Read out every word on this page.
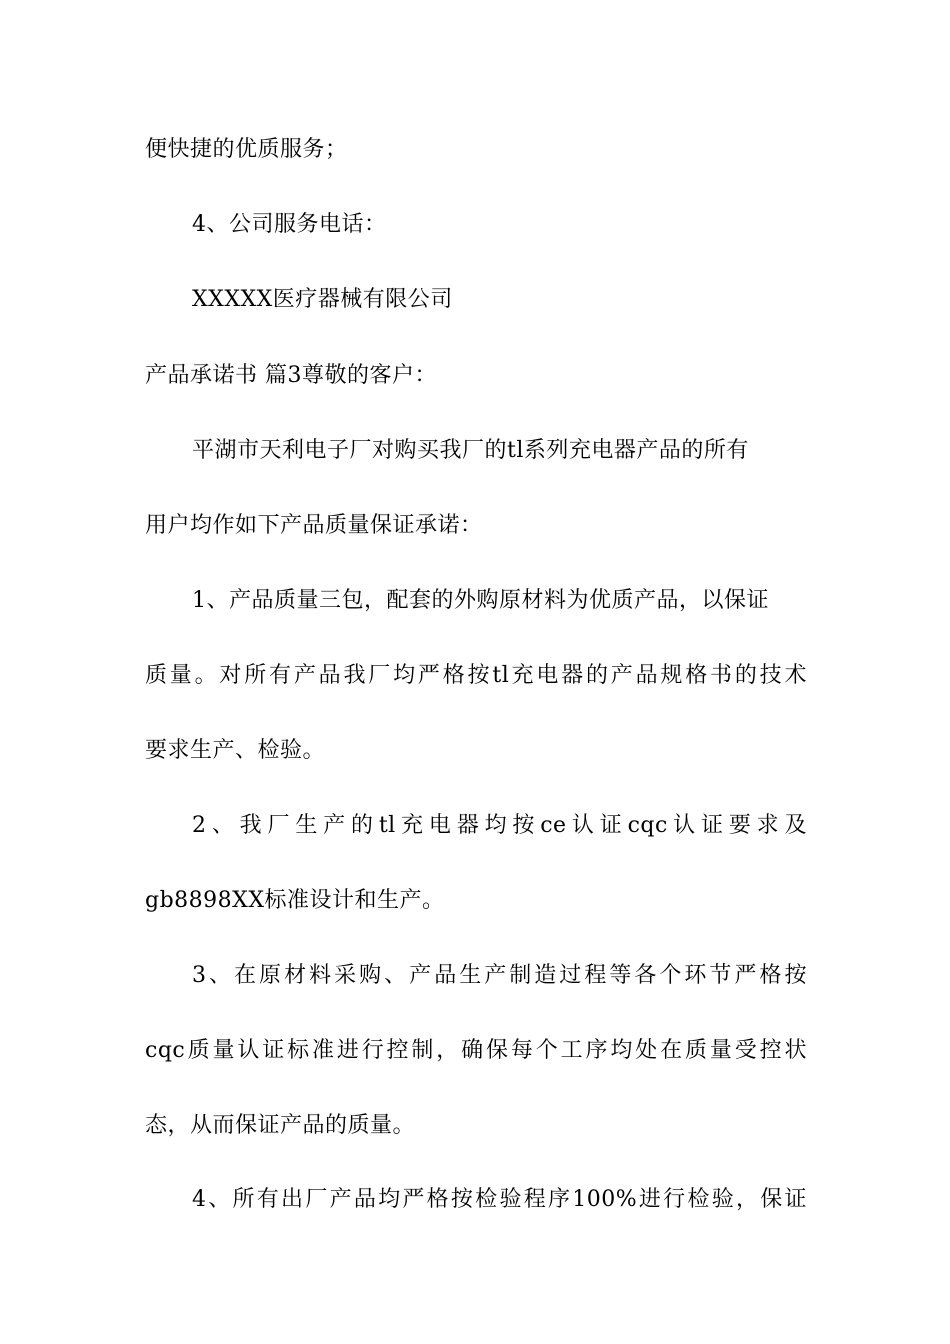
便快捷的优质服务；
4、公司服务电话：
XXXXX医疗器械有限公司
产品承诺书 篇3尊敬的客户：
平湖市天利电子厂对购买我厂的tl系列充电器产品的所有
用户均作如下产品质量保证承诺：
1、产品质量三包，配套的外购原材料为优质产品，以保证
质量。对所有产品我厂均严格按tl充电器的产品规格书的技术
要求生产、检验。
2、我厂生产的tl充电器均按ce认证cqc认证要求及
gb8898XX标准设计和生产。
3、在原材料采购、产品生产制造过程等各个环节严格按
cqc质量认证标准进行控制，确保每个工序均处在质量受控状
态，从而保证产品的质量。
4、所有出厂产品均严格按检验程序100%进行检验，保证
